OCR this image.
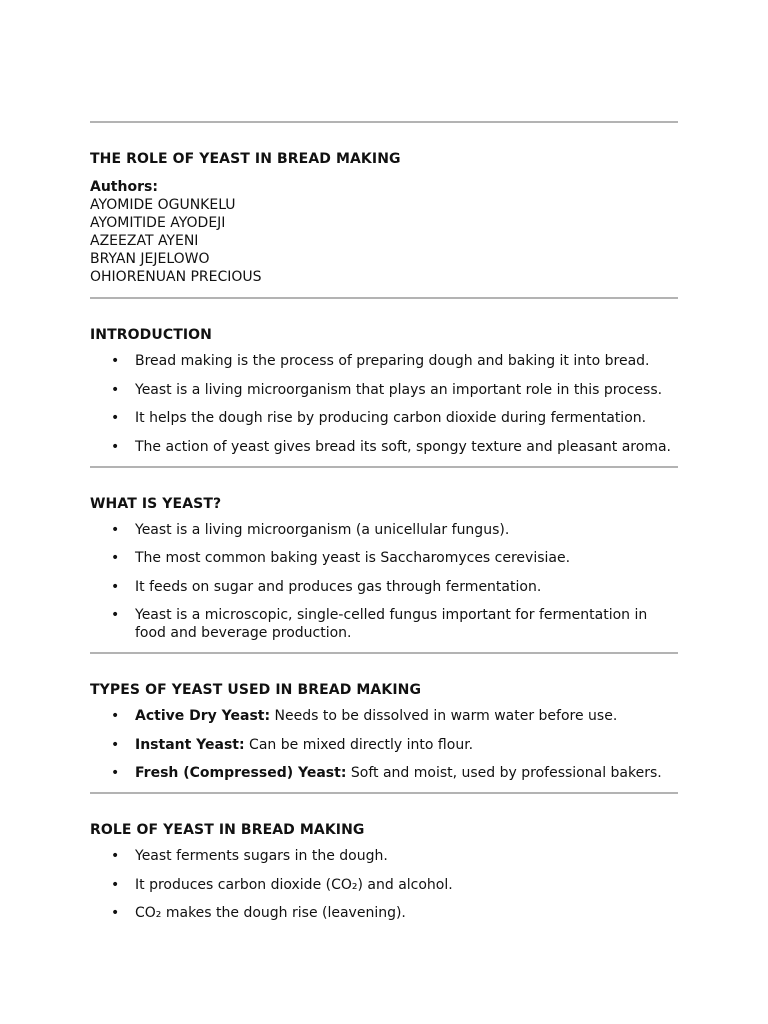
THE ROLE OF YEAST IN BREAD MAKING
Authors:
AYOMIDE OGUNKELU
AYOMITIDE AYODEJI
AZEEZAT AYENI
BRYAN JEJELOWO
OHIORENUAN PRECIOUS
INTRODUCTION
• Bread making is the process of preparing dough and baking it into bread.
• Yeast is a living microorganism that plays an important role in this process.
• It helps the dough rise by producing carbon dioxide during fermentation.
• The action of yeast gives bread its soft, spongy texture and pleasant aroma.
WHAT IS YEAST?
• Yeast is a living microorganism (a unicellular fungus).
• The most common baking yeast is Saccharomyces cerevisiae.
• It feeds on sugar and produces gas through fermentation.
• Yeast is a microscopic, single-celled fungus important for fermentation in food and beverage production.
TYPES OF YEAST USED IN BREAD MAKING
• Active Dry Yeast: Needs to be dissolved in warm water before use.
• Instant Yeast: Can be mixed directly into flour.
• Fresh (Compressed) Yeast: Soft and moist, used by professional bakers.
ROLE OF YEAST IN BREAD MAKING
• Yeast ferments sugars in the dough.
• It produces carbon dioxide (CO₂) and alcohol.
• CO₂ makes the dough rise (leavening).
